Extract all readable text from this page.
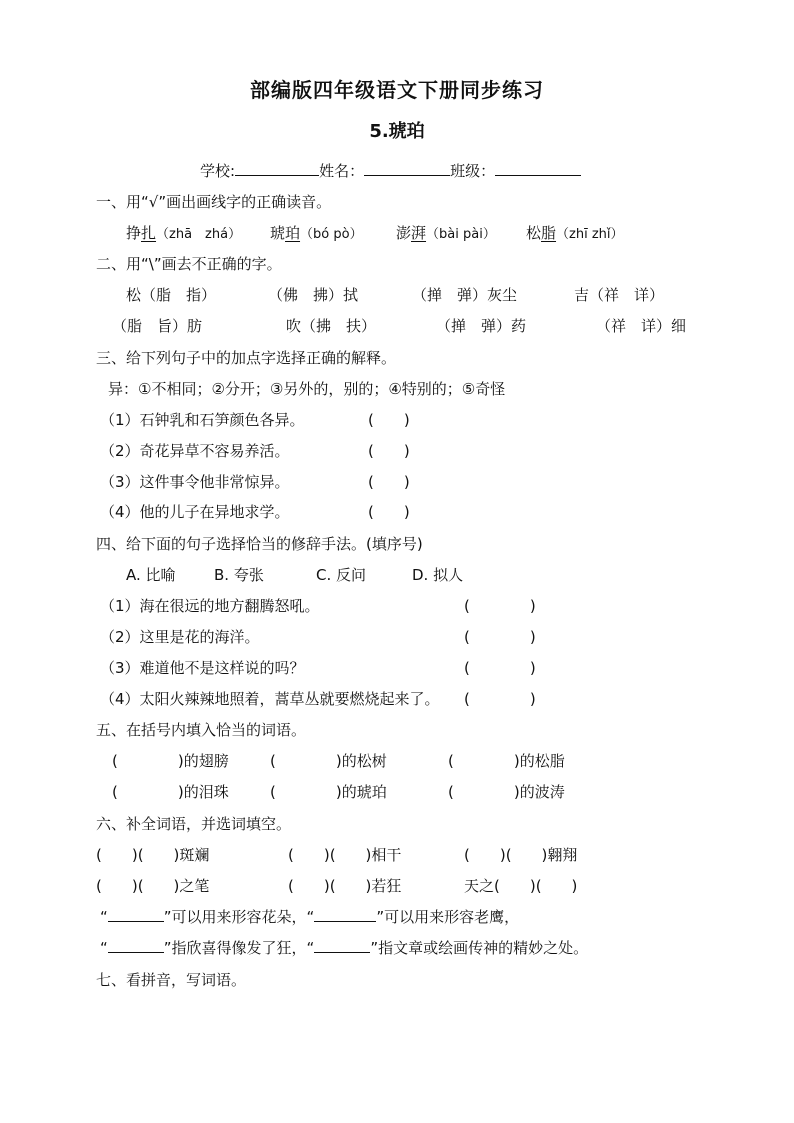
部编版四年级语文下册同步练习
5.琥珀
学校:	姓名：	班级：
一、用“√”画出画线字的正确读音。
挣扎（zhā　zhá） 琥珀（bó pò） 澎湃（bài pài） 松脂（zhī zhǐ）
二、用“\”画去不正确的字。
松（脂　指）	（佛　拂）拭	（掸　弹）灰尘	吉（祥　详）
（脂　旨）肪	吹（拂　扶）	（掸　弹）药	（祥　详）细
三、给下列句子中的加点字选择正确的解释。
异：①不相同；②分开；③另外的，别的；④特别的；⑤奇怪
（1）石钟乳和石笋颜色各异。	(　　)
（2）奇花异草不容易养活。	(　　)
（3）这件事令他非常惊异。	(　　)
（4）他的儿子在异地求学。	(　　)
四、给下面的句子选择恰当的修辞手法。(填序号)
A. 比喻	B. 夸张	C. 反问	D. 拟人
（1）海在很远的地方翻腾怒吼。	(　　　　)
（2）这里是花的海洋。	(　　　　)
（3）难道他不是这样说的吗？	(　　　　)
（4）太阳火辣辣地照着，蒿草丛就要燃烧起来了。 (　　　　)
五、在括号内填入恰当的词语。
(　　　　)的翅膀	(　　　　)的松树	(　　　　)的松脂
(　　　　)的泪珠	(　　　　)的琥珀	(　　　　)的波涛
六、补全词语，并选词填空。
(　　)(　　)斑斓	(　　)(　　)相干	(　　)(　　)翱翔
(　　)(　　)之笔	(　　)(　　)若狂	天之(　　)(　　)
“	”可以用来形容花朵，“	”可以用来形容老鹰，
“	”指欣喜得像发了狂，“	”指文章或绘画传神的精妙之处。
七、看拼音，写词语。
